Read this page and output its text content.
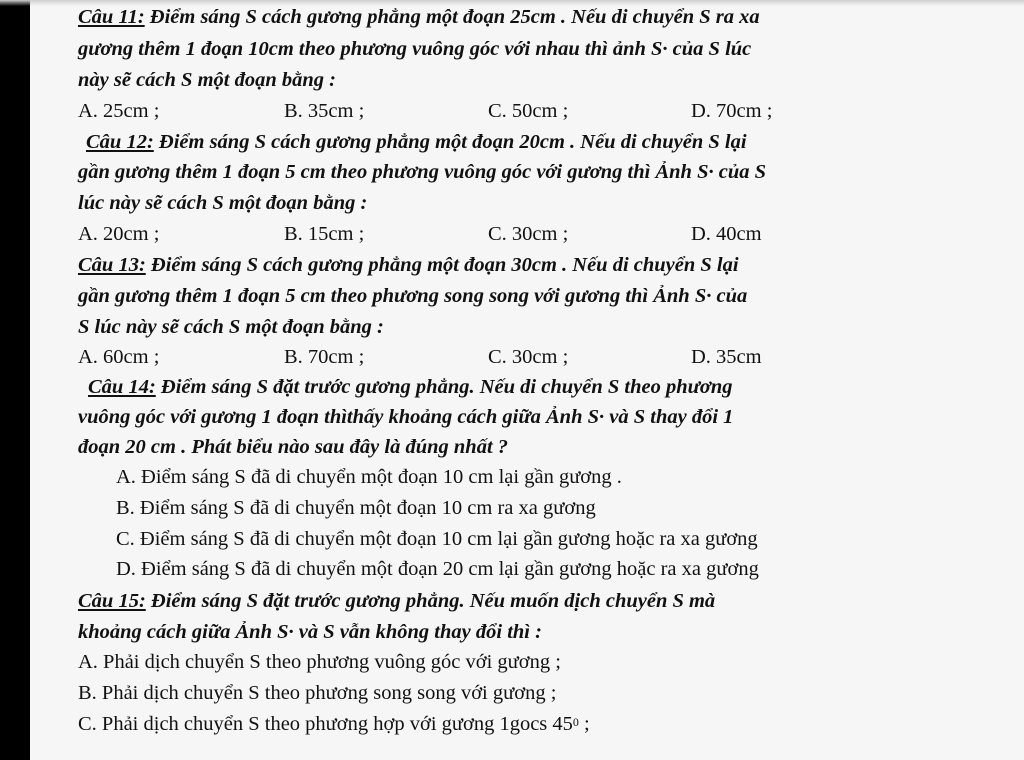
Câu 11: Điểm sáng S cách gương phẳng một đoạn 25cm . Nếu di chuyển S ra xa
gương thêm 1 đoạn 10cm theo phương vuông góc với nhau thì ảnh S· của S lúc
này sẽ cách S một đoạn bằng :
A. 25cm ;	B. 35cm ;	C. 50cm ;	D. 70cm ;
Câu 12: Điểm sáng S cách gương phẳng một đoạn 20cm . Nếu di chuyển S lại
gần gương thêm 1 đoạn 5 cm theo phương vuông góc với gương thì Ảnh S· của S
lúc này sẽ cách S một đoạn bằng :
A. 20cm ;	B. 15cm ;	C. 30cm ;	D. 40cm
Câu 13: Điểm sáng S cách gương phẳng một đoạn 30cm . Nếu di chuyển S lại
gần gương thêm 1 đoạn 5 cm theo phương song song với gương thì Ảnh S· của
S lúc này sẽ cách S một đoạn bằng :
A. 60cm ;	B. 70cm ;	C. 30cm ;	D. 35cm
Câu 14: Điểm sáng S đặt trước gương phẳng. Nếu di chuyển S theo phương
vuông góc với gương 1 đoạn thìthấy khoảng cách giữa Ảnh S· và S thay đổi 1
đoạn 20 cm . Phát biểu nào sau đây là đúng nhất ?
A. Điểm sáng S đã di chuyển một đoạn 10 cm lại gần gương .
B. Điểm sáng S đã di chuyển một đoạn 10 cm ra xa gương
C. Điểm sáng S đã di chuyển một đoạn 10 cm lại gần gương hoặc ra xa gương
D. Điểm sáng S đã di chuyển một đoạn 20 cm lại gần gương hoặc ra xa gương
Câu 15: Điểm sáng S đặt trước gương phẳng. Nếu muốn dịch chuyển S mà
khoảng cách giữa Ảnh S· và S vẫn không thay đổi thì :
A. Phải dịch chuyển S theo phương vuông góc với gương ;
B. Phải dịch chuyển S theo phương song song với gương ;
C. Phải dịch chuyển S theo phương hợp với gương 1gocs $45^0$ ;
